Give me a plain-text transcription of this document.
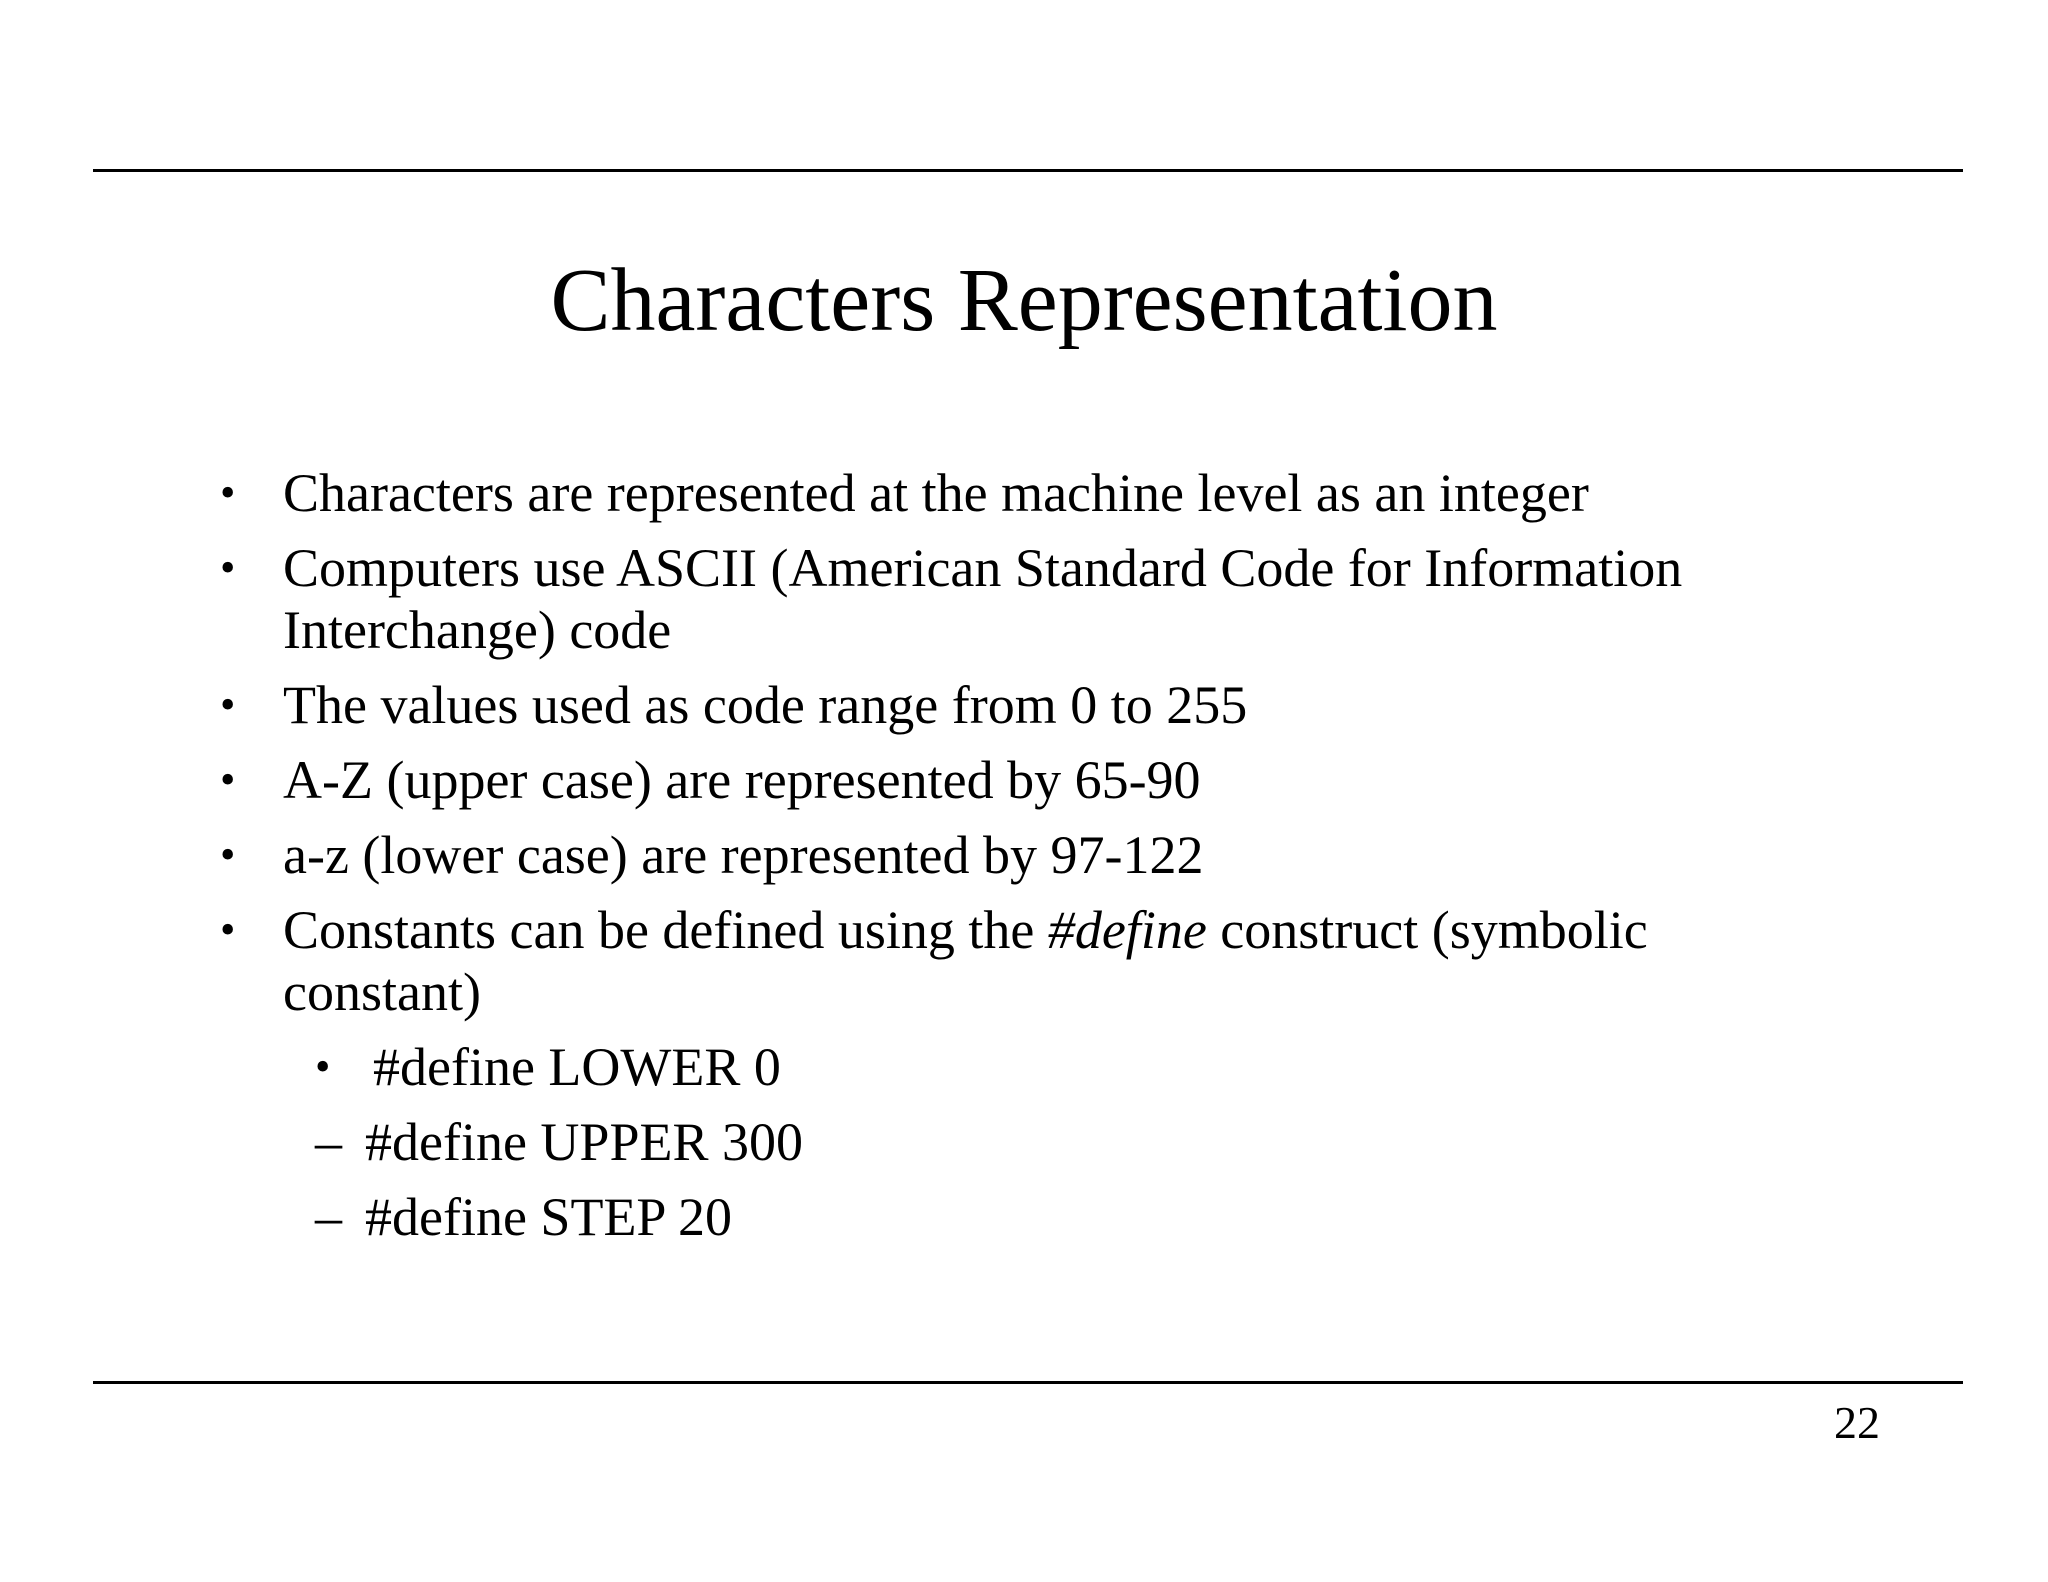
Characters Representation
• Characters are represented at the machine level as an integer
• Computers use ASCII (American Standard Code for Information
Interchange) code
• The values used as code range from 0 to 255
• A-Z (upper case) are represented by 65-90
• a-z (lower case) are represented by 97-122
• Constants can be defined using the #define construct (symbolic
constant)
• #define LOWER 0
– #define UPPER 300
– #define STEP 20
22
